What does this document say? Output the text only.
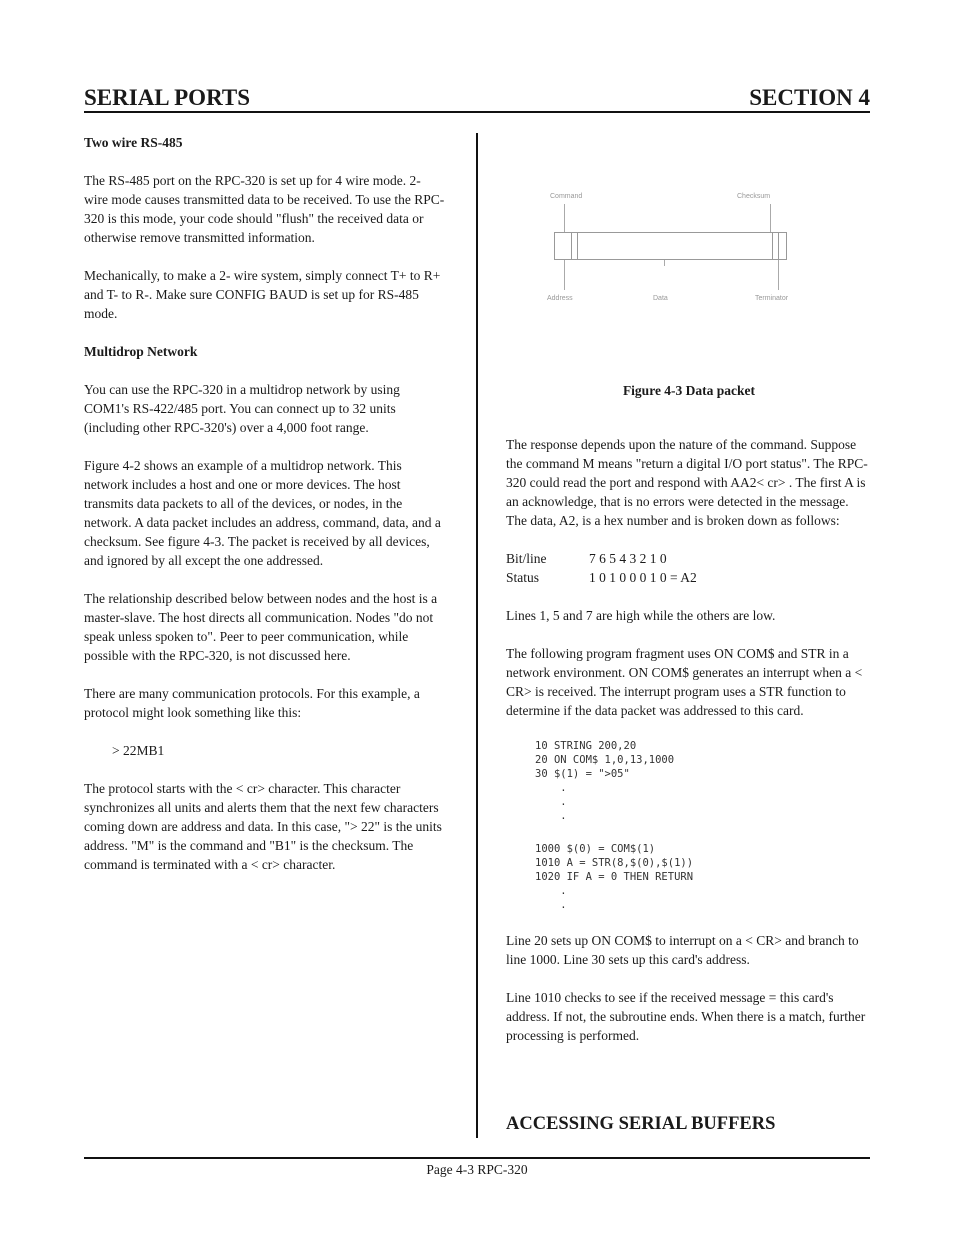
SERIAL PORTS	SECTION 4
Two wire RS-485

The RS-485 port on the RPC-320 is set up for 4 wire mode. 2- wire mode causes transmitted data to be received. To use the RPC-320 is this mode, your code should "flush" the received data or otherwise remove transmitted information.

Mechanically, to make a 2- wire system, simply connect T+ to R+ and T- to R-. Make sure CONFIG BAUD is set up for RS-485 mode.

Multidrop Network

You can use the RPC-320 in a multidrop network by using COM1's RS-422/485 port. You can connect up to 32 units (including other RPC-320's) over a 4,000 foot range.

Figure 4-2 shows an example of a multidrop network. This network includes a host and one or more devices. The host transmits data packets to all of the devices, or nodes, in the network. A data packet includes an address, command, data, and a checksum. See figure 4-3. The packet is received by all devices, and ignored by all except the one addressed.

The relationship described below between nodes and the host is a master-slave. The host directs all communication. Nodes "do not speak unless spoken to". Peer to peer communication, while possible with the RPC-320, is not discussed here.

There are many communication protocols. For this example, a protocol might look something like this:

> 22MB1

The protocol starts with the < cr> character. This character synchronizes all units and alerts them that the next few characters coming down are address and data. In this case, "> 22" is the units address. "M" is the command and "B1" is the checksum. The command is terminated with a < cr> character.

Command	Checksum
Address	Data	Terminator
Figure 4-3 Data packet

The response depends upon the nature of the command. Suppose the command M means "return a digital I/O port status". The RPC-320 could read the port and respond with AA2< cr> . The first A is an acknowledge, that is no errors were detected in the message. The data, A2, is a hex number and is broken down as follows:

Bit/line	7 6 5 4 3 2 1 0
Status	1 0 1 0 0 0 1 0 = A2

Lines 1, 5 and 7 are high while the others are low.

The following program fragment uses ON COM$ and STR in a network environment. ON COM$ generates an interrupt when a < CR> is received. The interrupt program uses a STR function to determine if the data packet was addressed to this card.

10 STRING 200,20
20 ON COM$ 1,0,13,1000
30 $(1) = ">05"
.
.
.
1000 $(0) = COM$(1)
1010 A = STR(8,$(0),$(1))
1020 IF A = 0 THEN RETURN
.
.

Line 20 sets up ON COM$ to interrupt on a < CR> and branch to line 1000. Line 30 sets up this card's address.

Line 1010 checks to see if the received message = this card's address. If not, the subroutine ends. When there is a match, further processing is performed.

ACCESSING SERIAL BUFFERS
Page 4-3 RPC-320
